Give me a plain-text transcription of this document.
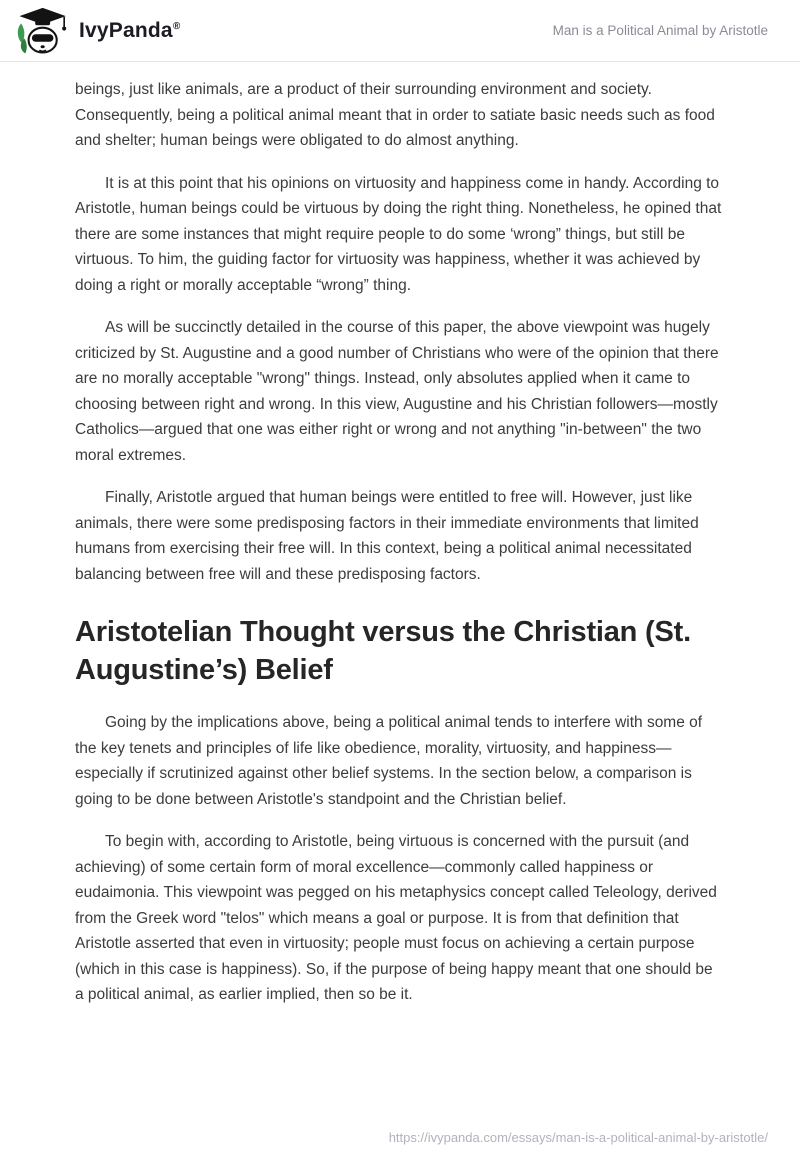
IvyPanda®	Man is a Political Animal by Aristotle

beings, just like animals, are a product of their surrounding environment and society. Consequently, being a political animal meant that in order to satiate basic needs such as food and shelter; human beings were obligated to do almost anything.

It is at this point that his opinions on virtuosity and happiness come in handy. According to Aristotle, human beings could be virtuous by doing the right thing. Nonetheless, he opined that there are some instances that might require people to do some ‘wrong” things, but still be virtuous. To him, the guiding factor for virtuosity was happiness, whether it was achieved by doing a right or morally acceptable “wrong” thing.

As will be succinctly detailed in the course of this paper, the above viewpoint was hugely criticized by St. Augustine and a good number of Christians who were of the opinion that there are no morally acceptable "wrong" things. Instead, only absolutes applied when it came to choosing between right and wrong. In this view, Augustine and his Christian followers—mostly Catholics—argued that one was either right or wrong and not anything "in-between" the two moral extremes.

Finally, Aristotle argued that human beings were entitled to free will. However, just like animals, there were some predisposing factors in their immediate environments that limited humans from exercising their free will. In this context, being a political animal necessitated balancing between free will and these predisposing factors.

Aristotelian Thought versus the Christian (St. Augustine’s) Belief

Going by the implications above, being a political animal tends to interfere with some of the key tenets and principles of life like obedience, morality, virtuosity, and happiness—especially if scrutinized against other belief systems. In the section below, a comparison is going to be done between Aristotle's standpoint and the Christian belief.

To begin with, according to Aristotle, being virtuous is concerned with the pursuit (and achieving) of some certain form of moral excellence—commonly called happiness or eudaimonia. This viewpoint was pegged on his metaphysics concept called Teleology, derived from the Greek word "telos" which means a goal or purpose. It is from that definition that Aristotle asserted that even in virtuosity; people must focus on achieving a certain purpose (which in this case is happiness). So, if the purpose of being happy meant that one should be a political animal, as earlier implied, then so be it.

https://ivypanda.com/essays/man-is-a-political-animal-by-aristotle/
